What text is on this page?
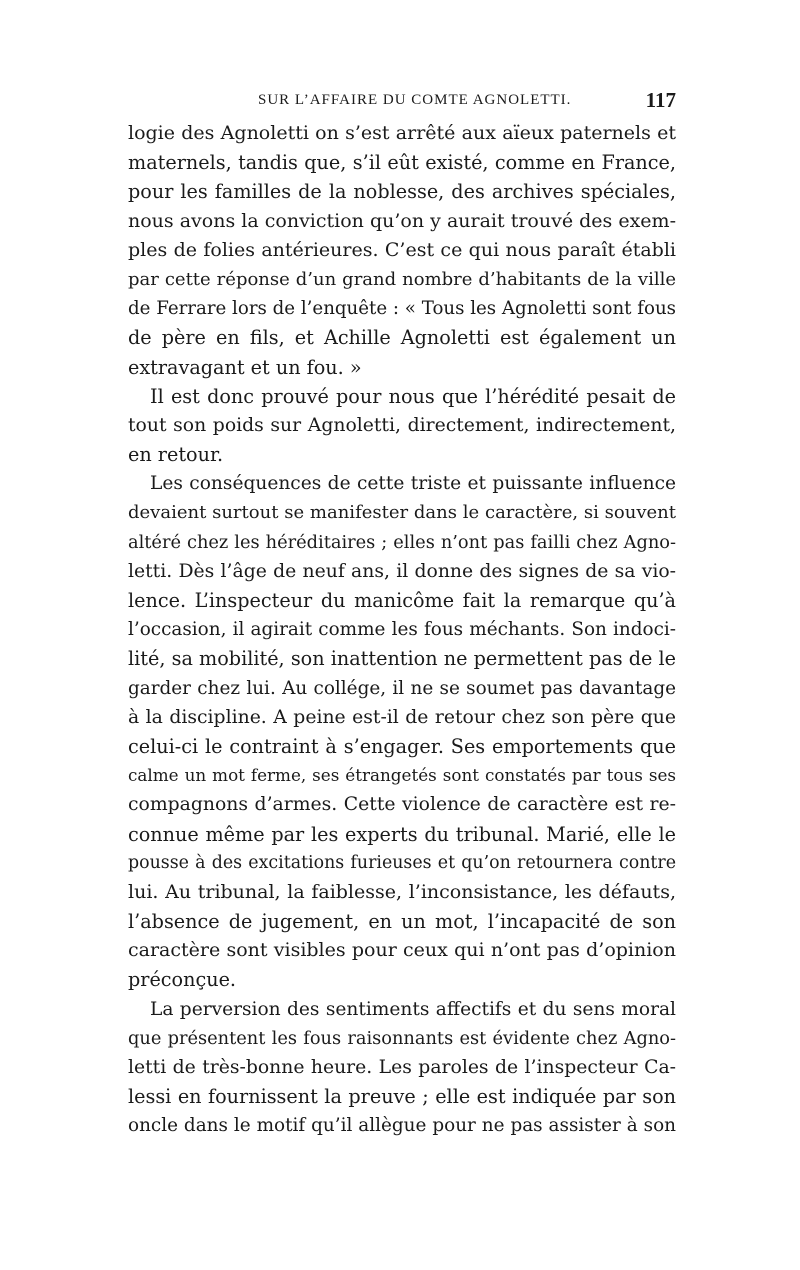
SUR L’AFFAIRE DU COMTE AGNOLETTI.	117
logie des Agnoletti on s’est arrêté aux aïeux paternels et
maternels, tandis que, s’il eût existé, comme en France,
pour les familles de la noblesse, des archives spéciales,
nous avons la conviction qu’on y aurait trouvé des exem-
ples de folies antérieures. C’est ce qui nous paraît établi
par cette réponse d’un grand nombre d’habitants de la ville
de Ferrare lors de l’enquête : « Tous les Agnoletti sont fous
de père en fils, et Achille Agnoletti est également un
extravagant et un fou. »
Il est donc prouvé pour nous que l’hérédité pesait de
tout son poids sur Agnoletti, directement, indirectement,
en retour.
Les conséquences de cette triste et puissante influence
devaient surtout se manifester dans le caractère, si souvent
altéré chez les héréditaires ; elles n’ont pas failli chez Agno-
letti. Dès l’âge de neuf ans, il donne des signes de sa vio-
lence. L’inspecteur du manicôme fait la remarque qu’à
l’occasion, il agirait comme les fous méchants. Son indoci-
lité, sa mobilité, son inattention ne permettent pas de le
garder chez lui. Au collége, il ne se soumet pas davantage
à la discipline. A peine est-il de retour chez son père que
celui-ci le contraint à s’engager. Ses emportements que
calme un mot ferme, ses étrangetés sont constatés par tous ses
compagnons d’armes. Cette violence de caractère est re-
connue même par les experts du tribunal. Marié, elle le
pousse à des excitations furieuses et qu’on retournera contre
lui. Au tribunal, la faiblesse, l’inconsistance, les défauts,
l’absence de jugement, en un mot, l’incapacité de son
caractère sont visibles pour ceux qui n’ont pas d’opinion
préconçue.
La perversion des sentiments affectifs et du sens moral
que présentent les fous raisonnants est évidente chez Agno-
letti de très-bonne heure. Les paroles de l’inspecteur Ca-
lessi en fournissent la preuve ; elle est indiquée par son
oncle dans le motif qu’il allègue pour ne pas assister à son
